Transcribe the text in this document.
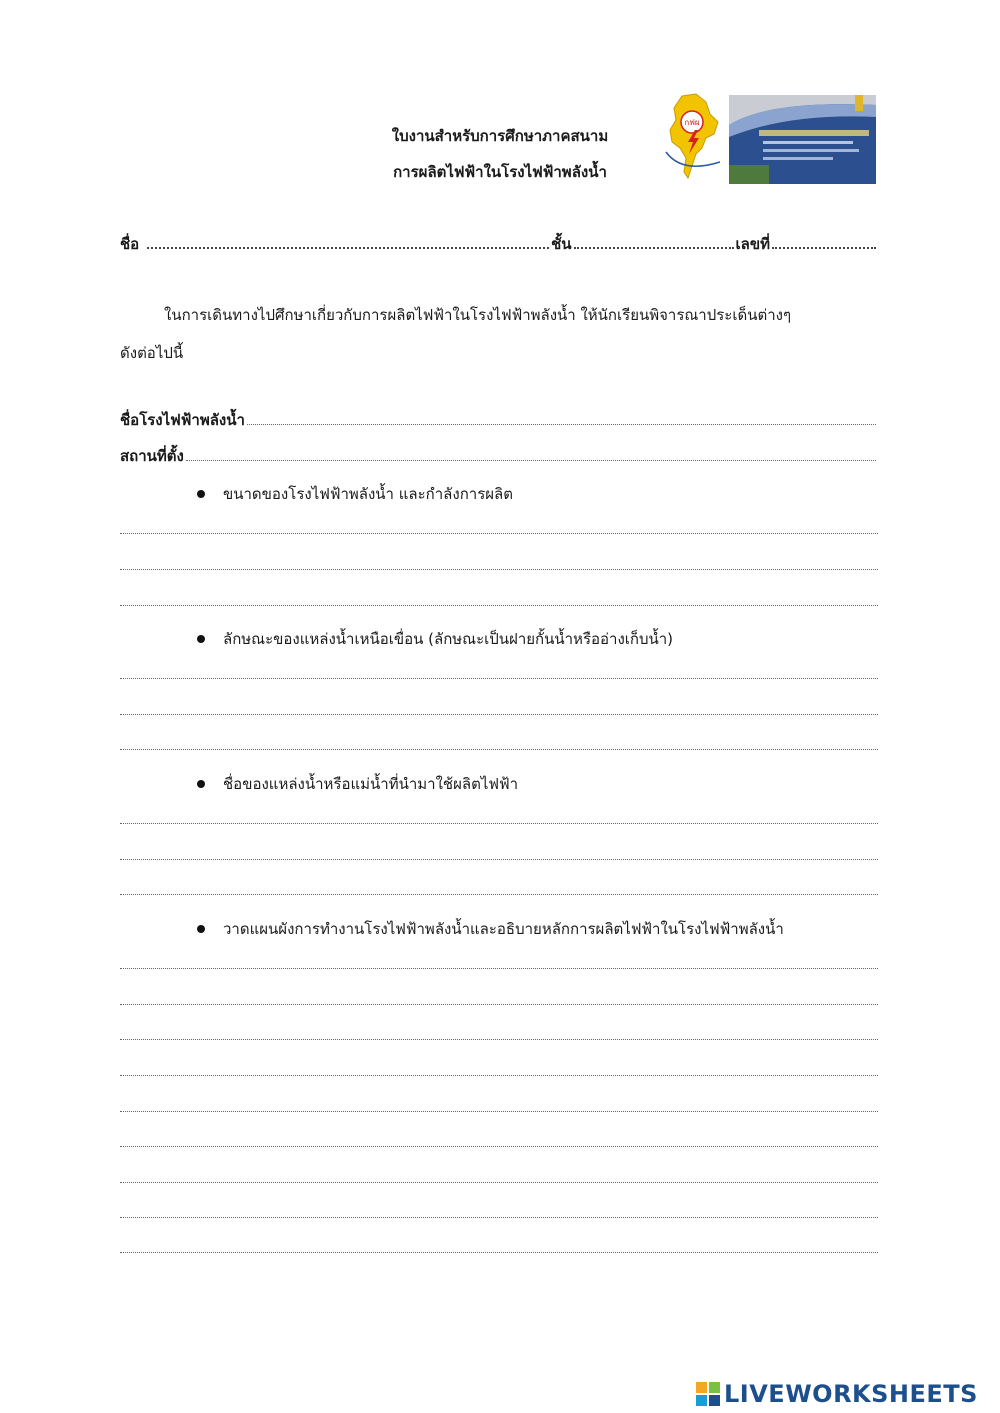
ใบงานสำหรับการศึกษาภาคสนาม
การผลิตไฟฟ้าในโรงไฟฟ้าพลังน้ำ
กฟผ
ชื่อ	ชั้น	เลขที่
ในการเดินทางไปศึกษาเกี่ยวกับการผลิตไฟฟ้าในโรงไฟฟ้าพลังน้ำ ให้นักเรียนพิจารณาประเด็นต่างๆ
ดังต่อไปนี้
ชื่อโรงไฟฟ้าพลังน้ำ
สถานที่ตั้ง
ขนาดของโรงไฟฟ้าพลังน้ำ และกำลังการผลิต
ลักษณะของแหล่งน้ำเหนือเขื่อน (ลักษณะเป็นฝายกั้นน้ำหรืออ่างเก็บน้ำ)
ชื่อของแหล่งน้ำหรือแม่น้ำที่นำมาใช้ผลิตไฟฟ้า
วาดแผนผังการทำงานโรงไฟฟ้าพลังน้ำและอธิบายหลักการผลิตไฟฟ้าในโรงไฟฟ้าพลังน้ำ
LIVEWORKSHEETS
